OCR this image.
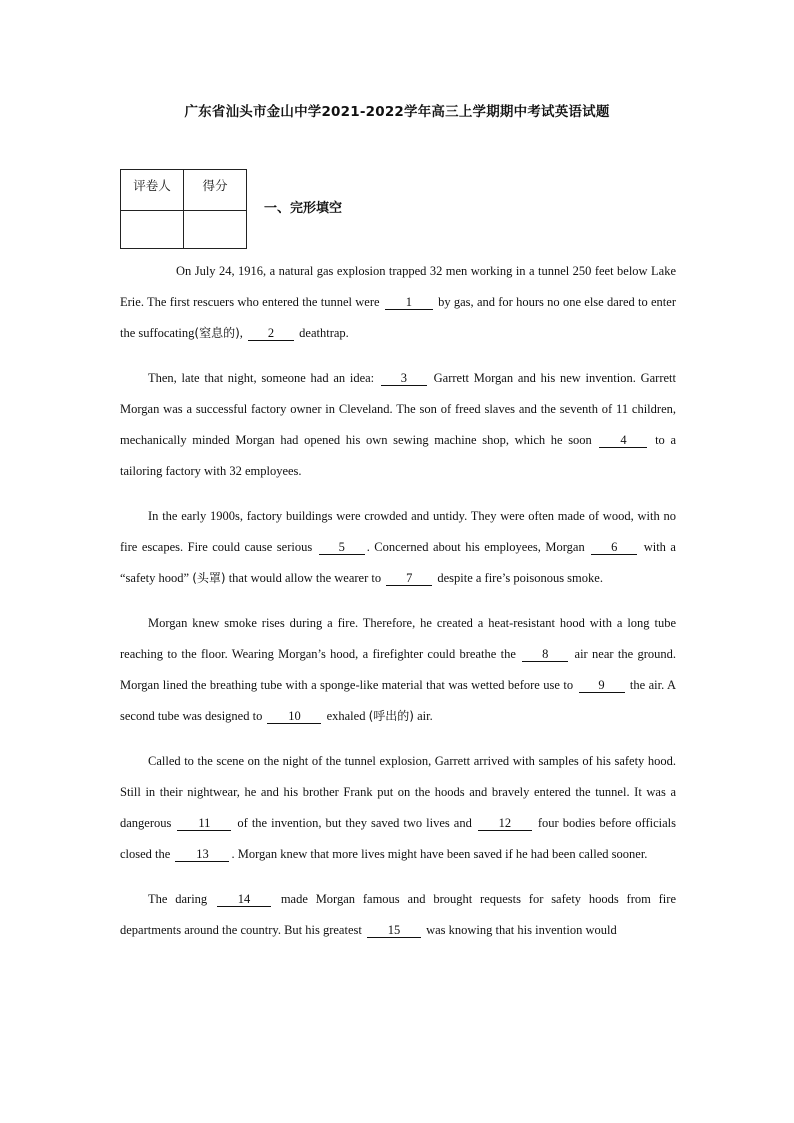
广东省汕头市金山中学2021-2022学年高三上学期期中考试英语试题
评卷人	得分

一、完形填空

On July 24, 1916, a natural gas explosion trapped 32 men working in a tunnel 250 feet below Lake Erie. The first rescuers who entered the tunnel were 1 by gas, and for hours no one else dared to enter the suffocating(窒息的), 2 deathtrap.

Then, late that night, someone had an idea: 3 Garrett Morgan and his new invention. Garrett Morgan was a successful factory owner in Cleveland. The son of freed slaves and the seventh of 11 children, mechanically minded Morgan had opened his own sewing machine shop, which he soon 4 to a tailoring factory with 32 employees.

In the early 1900s, factory buildings were crowded and untidy. They were often made of wood, with no fire escapes. Fire could cause serious 5 . Concerned about his employees, Morgan 6 with a “safety hood” (头罩) that would allow the wearer to 7 despite a fire’s poisonous smoke.

Morgan knew smoke rises during a fire. Therefore, he created a heat-resistant hood with a long tube reaching to the floor. Wearing Morgan’s hood, a firefighter could breathe the 8 air near the ground. Morgan lined the breathing tube with a sponge-like material that was wetted before use to 9 the air. A second tube was designed to 10 exhaled (呼出的) air.

Called to the scene on the night of the tunnel explosion, Garrett arrived with samples of his safety hood. Still in their nightwear, he and his brother Frank put on the hoods and bravely entered the tunnel. It was a dangerous 11 of the invention, but they saved two lives and 12 four bodies before officials closed the 13 . Morgan knew that more lives might have been saved if he had been called sooner.

The daring 14 made Morgan famous and brought requests for safety hoods from fire departments around the country. But his greatest 15 was knowing that his invention would
